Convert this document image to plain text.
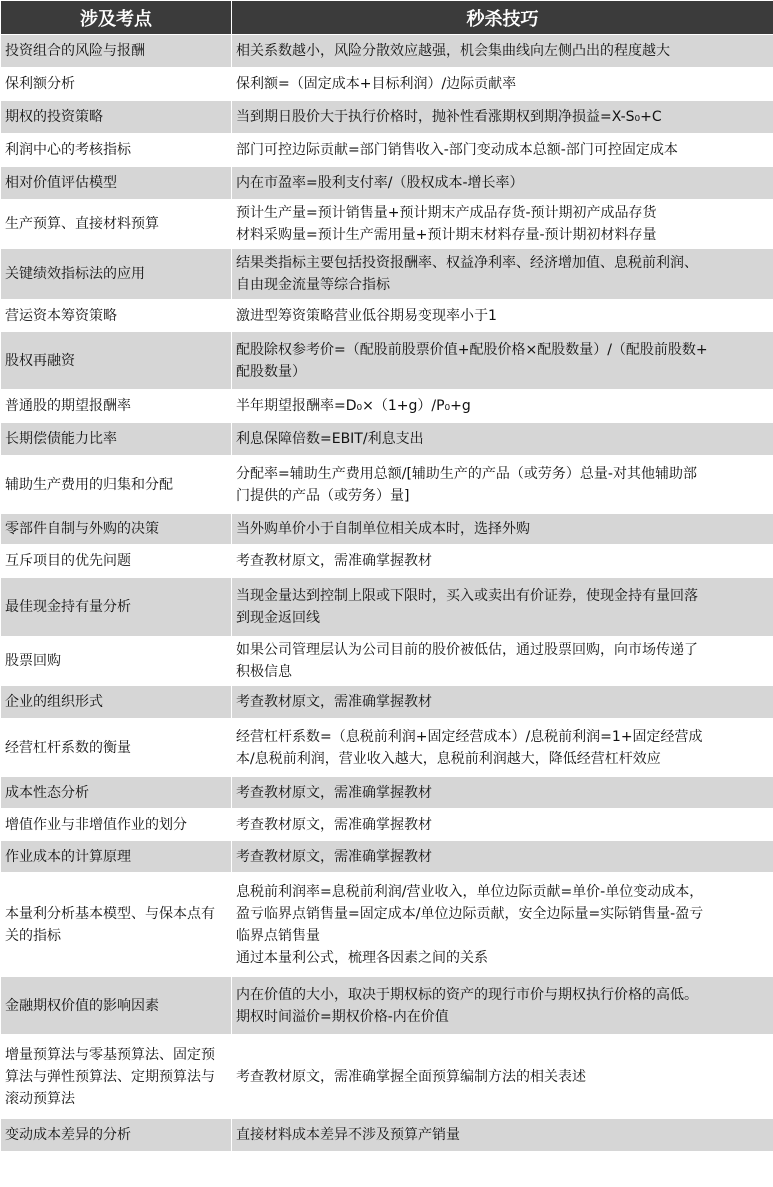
涉及考点	秒杀技巧
投资组合的风险与报酬	相关系数越小，风险分散效应越强，机会集曲线向左侧凸出的程度越大

保利额分析	保利额=（固定成本+目标利润）/边际贡献率

期权的投资策略	当到期日股价大于执行价格时，抛补性看涨期权到期净损益=X-S₀+C

利润中心的考核指标	部门可控边际贡献=部门销售收入-部门变动成本总额-部门可控固定成本

相对价值评估模型	内在市盈率=股利支付率/（股权成本-增长率）

生产预算、直接材料预算	预计生产量=预计销售量+预计期末产成品存货-预计期初产成品存货
材料采购量=预计生产需用量+预计期末材料存量-预计期初材料存量

关键绩效指标法的应用	结果类指标主要包括投资报酬率、权益净利率、经济增加值、息税前利润、
自由现金流量等综合指标

营运资本筹资策略	激进型筹资策略营业低谷期易变现率小于1

股权再融资	配股除权参考价=（配股前股票价值+配股价格×配股数量）/（配股前股数+
配股数量）

普通股的期望报酬率	半年期望报酬率=D₀×（1+g）/P₀+g

长期偿债能力比率	利息保障倍数=EBIT/利息支出

辅助生产费用的归集和分配	分配率=辅助生产费用总额/[辅助生产的产品（或劳务）总量-对其他辅助部
门提供的产品（或劳务）量]

零部件自制与外购的决策	当外购单价小于自制单位相关成本时，选择外购

互斥项目的优先问题	考查教材原文，需准确掌握教材

最佳现金持有量分析	当现金量达到控制上限或下限时，买入或卖出有价证券，使现金持有量回落
到现金返回线

股票回购	如果公司管理层认为公司目前的股价被低估，通过股票回购，向市场传递了
积极信息

企业的组织形式	考查教材原文，需准确掌握教材

经营杠杆系数的衡量	经营杠杆系数=（息税前利润+固定经营成本）/息税前利润=1+固定经营成
本/息税前利润，营业收入越大，息税前利润越大，降低经营杠杆效应

成本性态分析	考查教材原文，需准确掌握教材

增值作业与非增值作业的划分	考查教材原文，需准确掌握教材

作业成本的计算原理	考查教材原文，需准确掌握教材

本量利分析基本模型、与保本点有关的指标	息税前利润率=息税前利润/营业收入，单位边际贡献=单价-单位变动成本，
盈亏临界点销售量=固定成本/单位边际贡献，安全边际量=实际销售量-盈亏
临界点销售量
通过本量利公式，梳理各因素之间的关系

金融期权价值的影响因素	内在价值的大小，取决于期权标的资产的现行市价与期权执行价格的高低。
期权时间溢价=期权价格-内在价值

增量预算法与零基预算法、固定预算法与弹性预算法、定期预算法与滚动预算法	考查教材原文，需准确掌握全面预算编制方法的相关表述

变动成本差异的分析	直接材料成本差异不涉及预算产销量
